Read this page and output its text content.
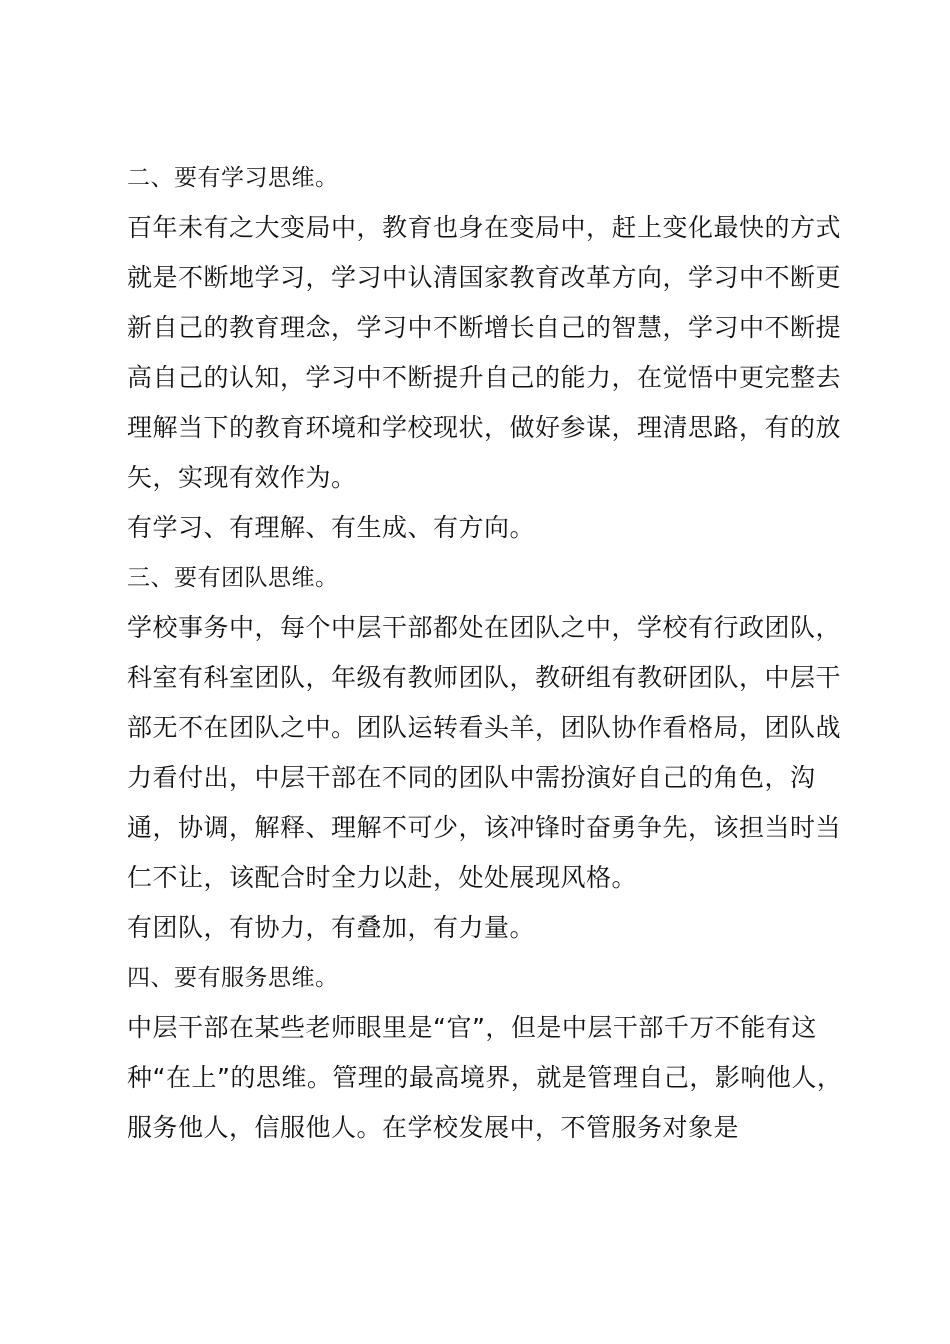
二、要有学习思维。

百年未有之大变局中，教育也身在变局中，赶上变化最快的方式就是不断地学习，学习中认清国家教育改革方向，学习中不断更新自己的教育理念，学习中不断增长自己的智慧，学习中不断提高自己的认知，学习中不断提升自己的能力，在觉悟中更完整去理解当下的教育环境和学校现状，做好参谋，理清思路，有的放矢，实现有效作为。

有学习、有理解、有生成、有方向。

三、要有团队思维。

学校事务中，每个中层干部都处在团队之中，学校有行政团队，科室有科室团队，年级有教师团队，教研组有教研团队，中层干部无不在团队之中。团队运转看头羊，团队协作看格局，团队战力看付出，中层干部在不同的团队中需扮演好自己的角色，沟通，协调，解释、理解不可少，该冲锋时奋勇争先，该担当时当仁不让，该配合时全力以赴，处处展现风格。

有团队，有协力，有叠加，有力量。

四、要有服务思维。

中层干部在某些老师眼里是“官”，但是中层干部千万不能有这种“在上”的思维。管理的最高境界，就是管理自己，影响他人，服务他人，信服他人。在学校发展中，不管服务对象是
